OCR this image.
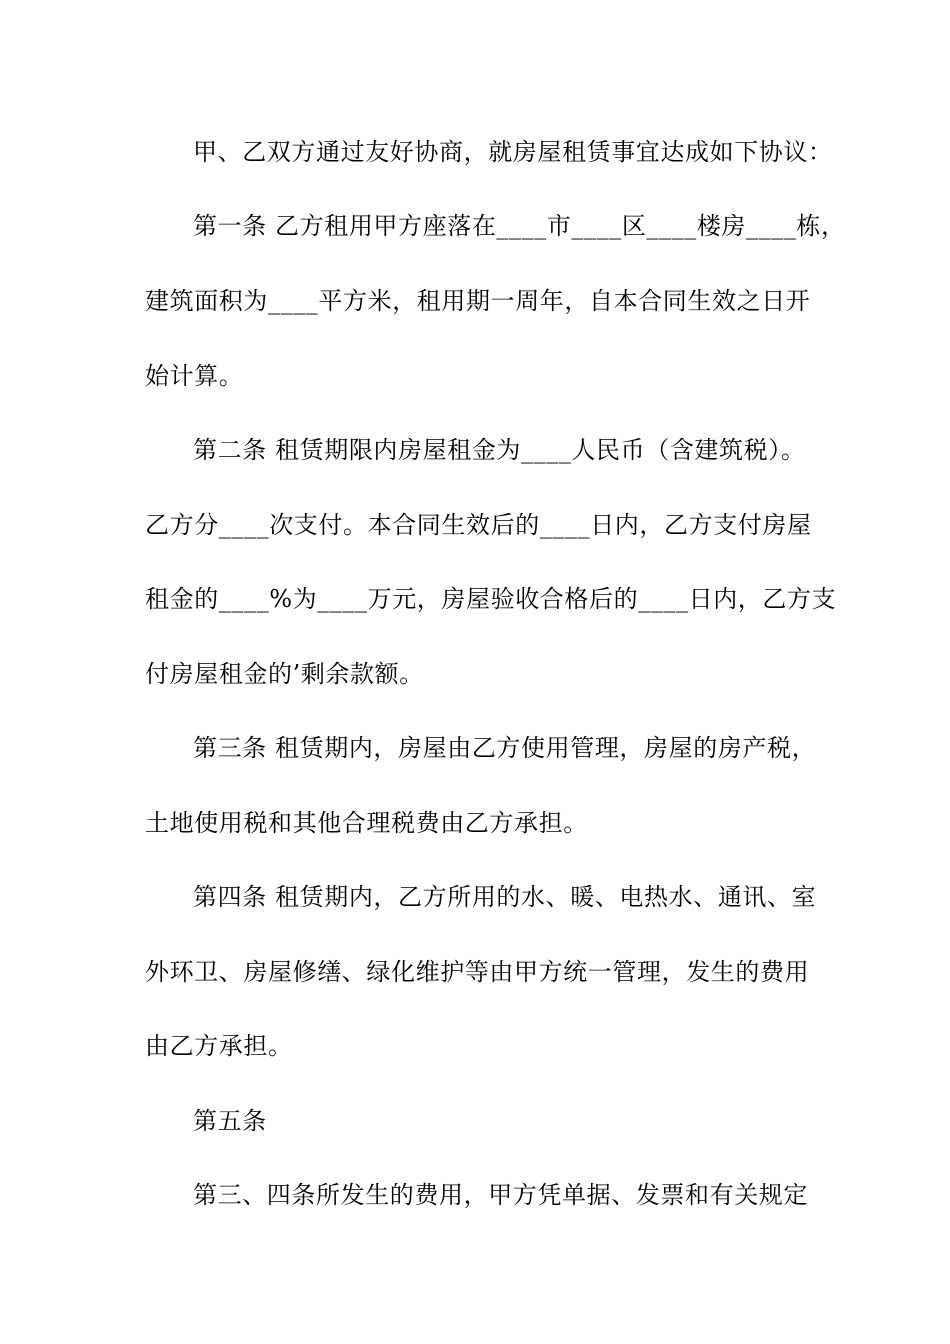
甲、乙双方通过友好协商，就房屋租赁事宜达成如下协议：
第一条 乙方租用甲方座落在____市____区____楼房____栋，
建筑面积为____平方米，租用期一周年，自本合同生效之日开
始计算。
第二条 租赁期限内房屋租金为____人民币（含建筑税）。
乙方分____次支付。本合同生效后的____日内，乙方支付房屋
租金的____%为____万元，房屋验收合格后的____日内，乙方支
付房屋租金的’剩余款额。
第三条 租赁期内，房屋由乙方使用管理，房屋的房产税，
土地使用税和其他合理税费由乙方承担。
第四条 租赁期内，乙方所用的水、暖、电热水、通讯、室
外环卫、房屋修缮、绿化维护等由甲方统一管理，发生的费用
由乙方承担。
第五条
第三、四条所发生的费用，甲方凭单据、发票和有关规定
